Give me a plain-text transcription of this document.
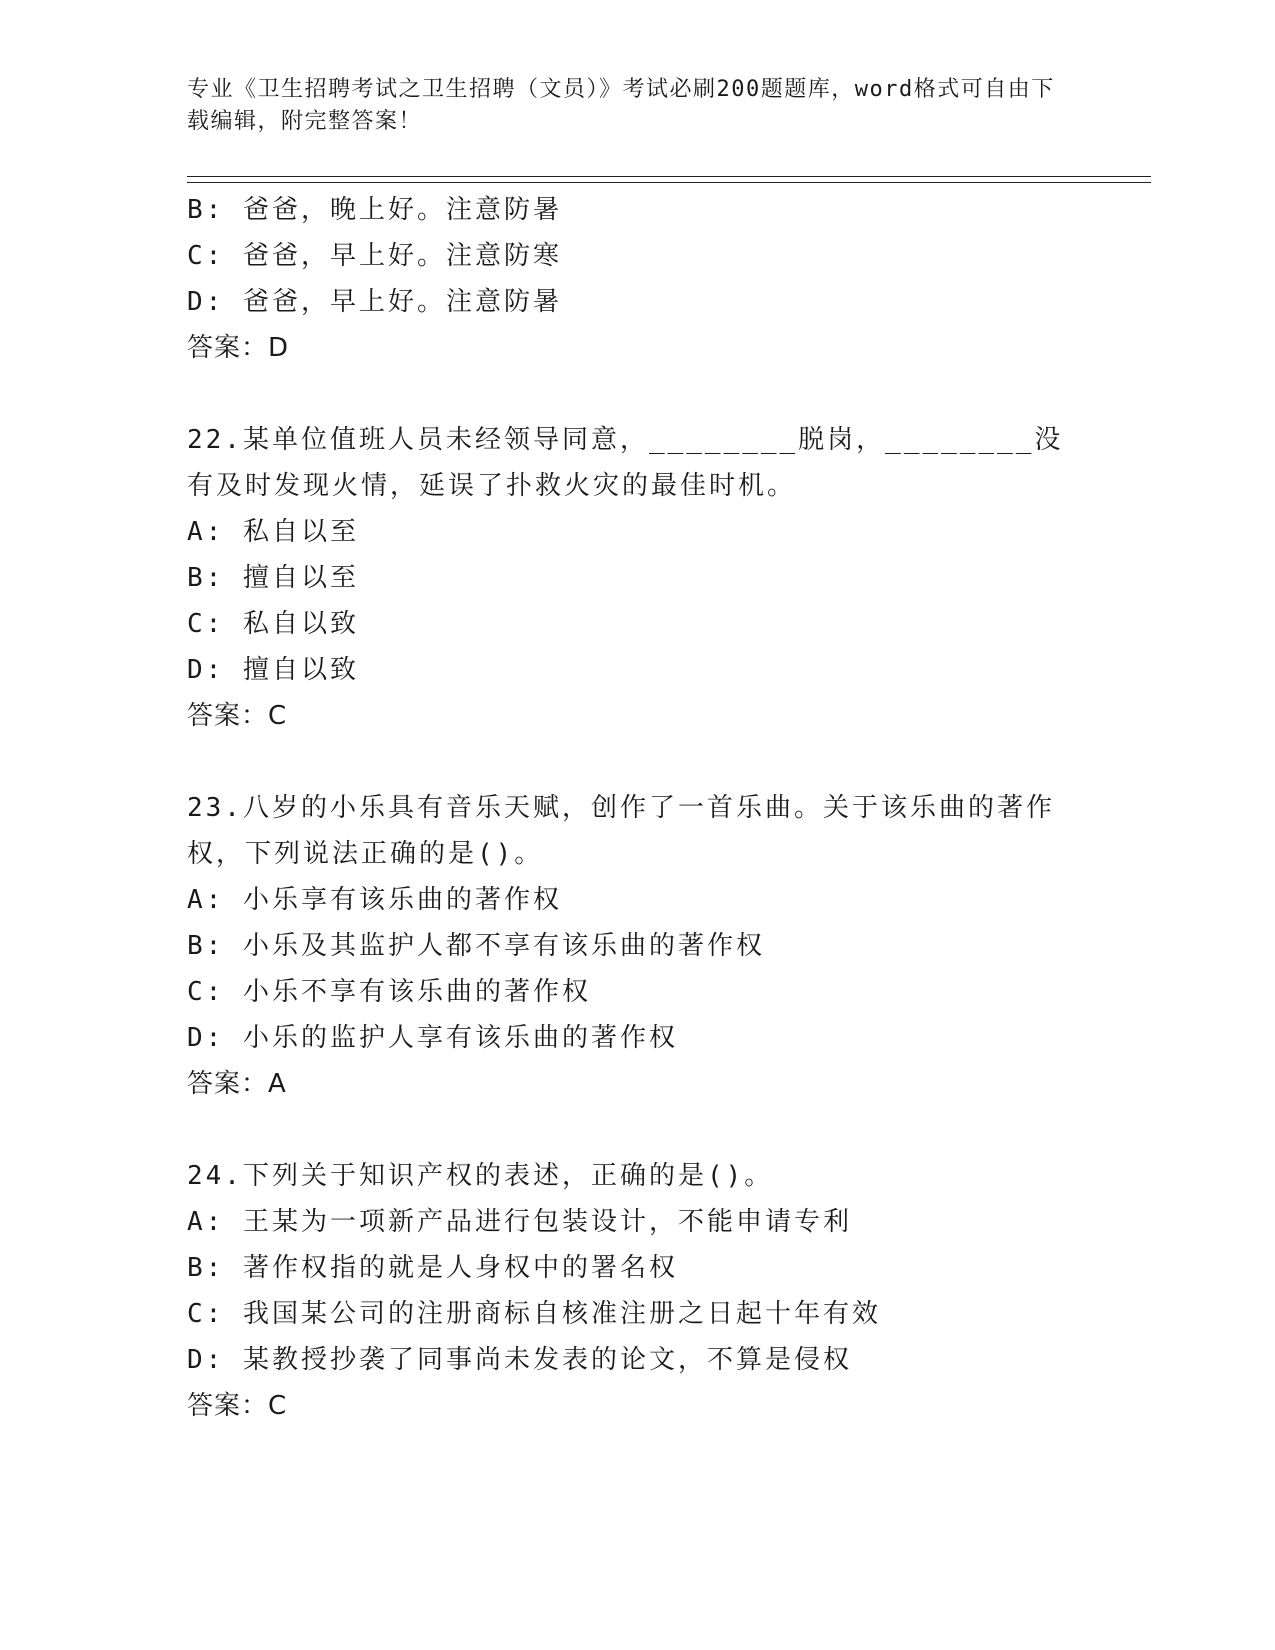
专业《卫生招聘考试之卫生招聘（文员）》考试必刷200题题库，word格式可自由下载编辑，附完整答案！
B: 爸爸，晚上好。注意防暑
C: 爸爸，早上好。注意防寒
D: 爸爸，早上好。注意防暑
答案：D
22.某单位值班人员未经领导同意，________脱岗，________没有及时发现火情，延误了扑救火灾的最佳时机。
A: 私自以至
B: 擅自以至
C: 私自以致
D: 擅自以致
答案：C
23.八岁的小乐具有音乐天赋，创作了一首乐曲。关于该乐曲的著作权，下列说法正确的是()。
A: 小乐享有该乐曲的著作权
B: 小乐及其监护人都不享有该乐曲的著作权
C: 小乐不享有该乐曲的著作权
D: 小乐的监护人享有该乐曲的著作权
答案：A
24.下列关于知识产权的表述，正确的是()。
A: 王某为一项新产品进行包装设计，不能申请专利
B: 著作权指的就是人身权中的署名权
C: 我国某公司的注册商标自核准注册之日起十年有效
D: 某教授抄袭了同事尚未发表的论文，不算是侵权
答案：C
